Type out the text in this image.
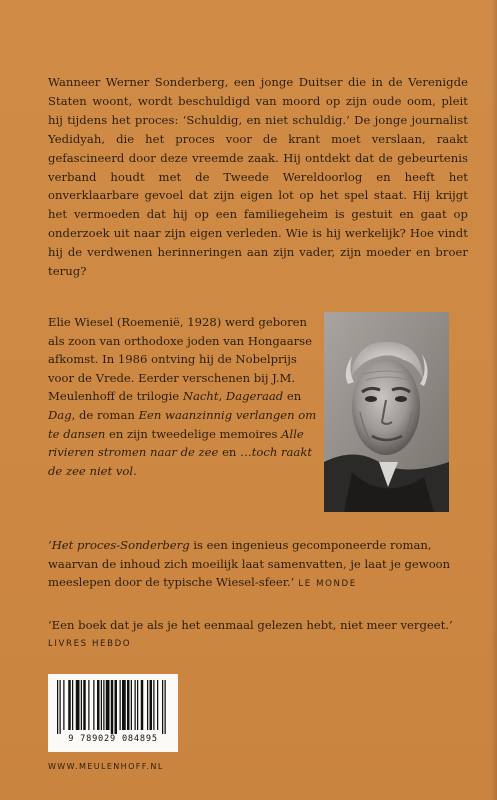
Wanneer Werner Sonderberg, een jonge Duitser die in de Verenigde Staten woont, wordt beschuldigd van moord op zijn oude oom, pleit hij tijdens het proces: ‘Schuldig, en niet schuldig.’ De jonge journalist Yedidyah, die het proces voor de krant moet verslaan, raakt gefascineerd door deze vreemde zaak. Hij ontdekt dat de gebeurtenis verband houdt met de Tweede Wereldoorlog en heeft het onverklaarbare gevoel dat zijn eigen lot op het spel staat. Hij krijgt het vermoeden dat hij op een familiegeheim is gestuit en gaat op onderzoek uit naar zijn eigen verleden. Wie is hij werkelijk? Hoe vindt hij de verdwenen herinneringen aan zijn vader, zijn moeder en broer terug?

Elie Wiesel (Roemenië, 1928) werd geboren als zoon van orthodoxe joden van Hongaarse afkomst. In 1986 ontving hij de Nobelprijs voor de Vrede. Eerder verschenen bij J.M. Meulenhoff de trilogie Nacht, Dageraad en Dag, de roman Een waanzinnig verlangen om te dansen en zijn tweedelige memoires Alle rivieren stromen naar de zee en …toch raakt de zee niet vol.

‘Het proces-Sonderberg is een ingenieus gecomponeerde roman, waarvan de inhoud zich moeilijk laat samenvatten, je laat je gewoon meeslepen door de typische Wiesel-sfeer.’ LE MONDE

‘Een boek dat je als je het eenmaal gelezen hebt, niet meer vergeet.’
LIVRES HEBDO

9 789029 084895
WWW.MEULENHOFF.NL
